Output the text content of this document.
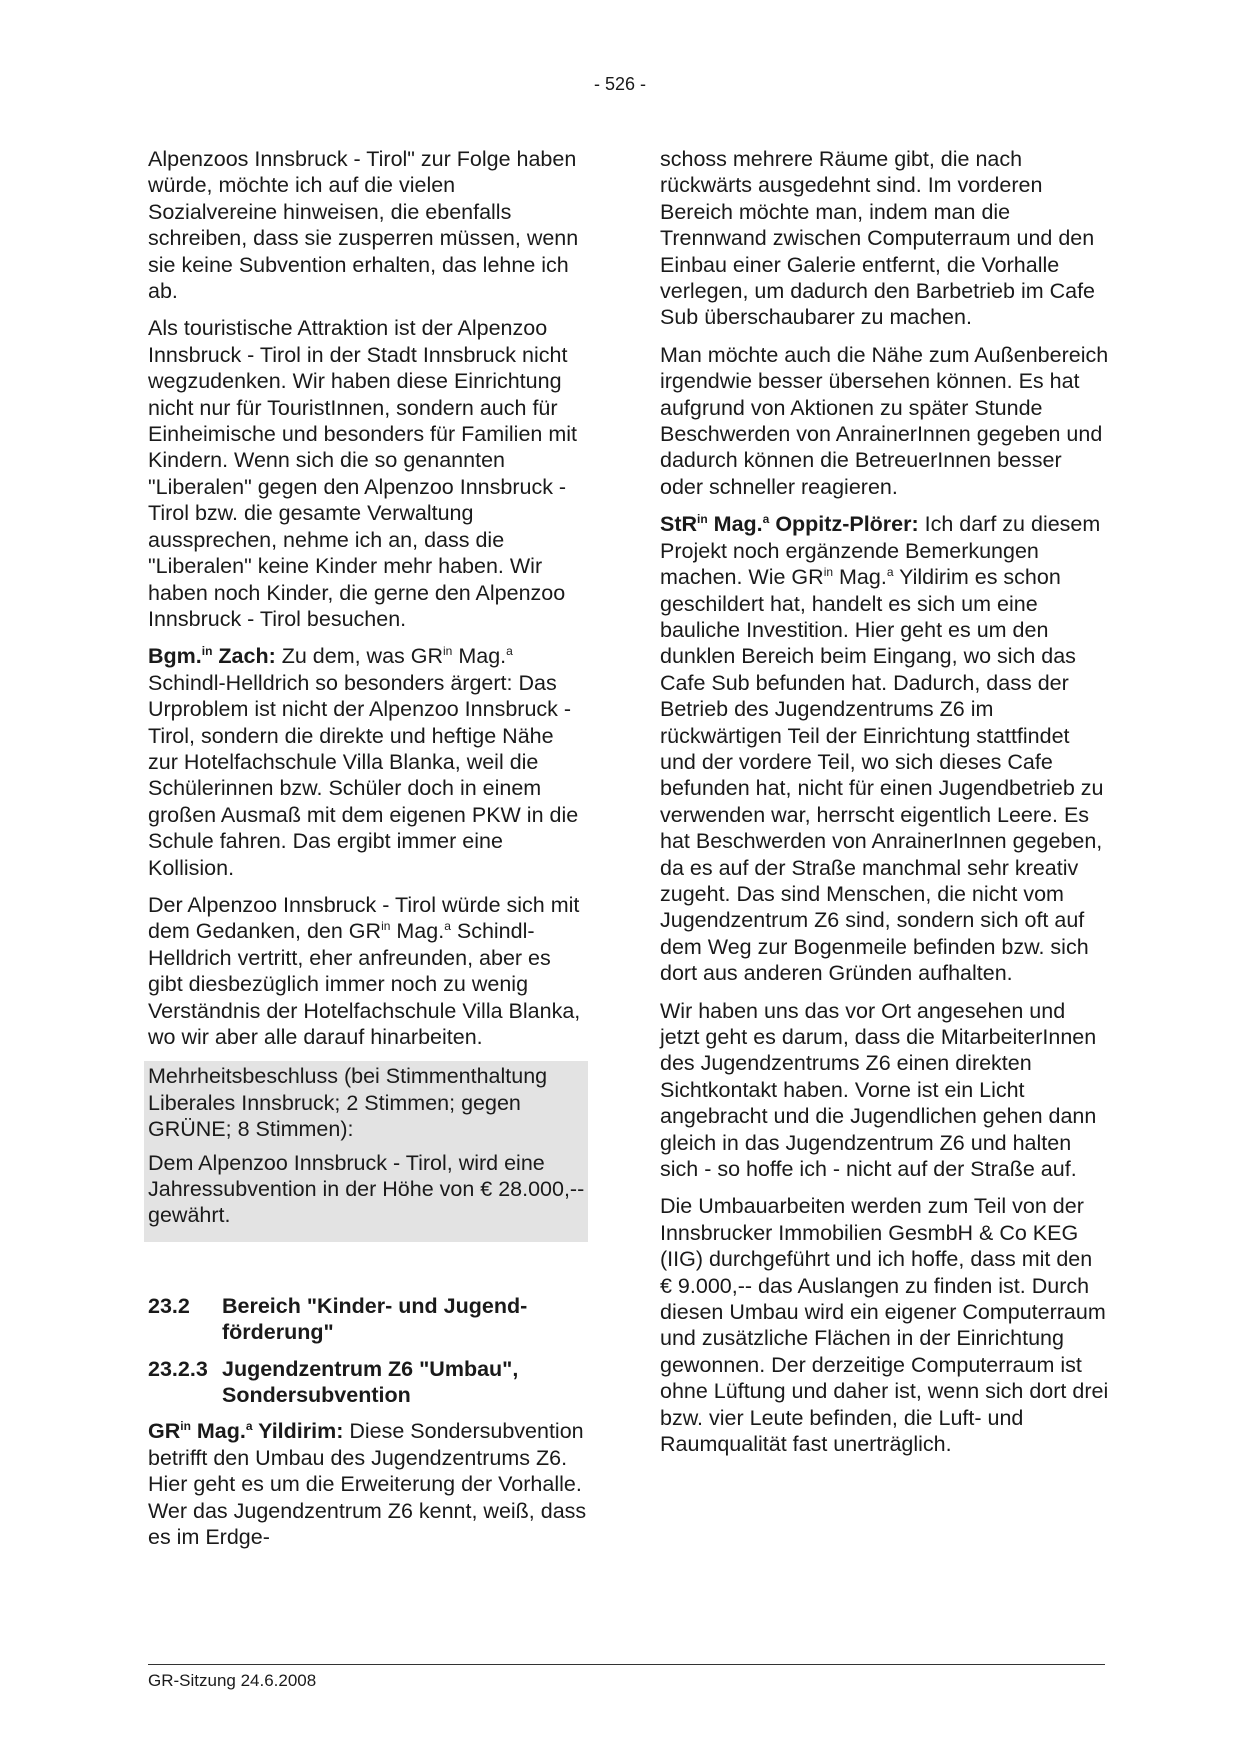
- 526 -

Alpenzoos Innsbruck - Tirol" zur Folge haben würde, möchte ich auf die vielen Sozialvereine hinweisen, die ebenfalls schreiben, dass sie zusperren müssen, wenn sie keine Subvention erhalten, das lehne ich ab.

Als touristische Attraktion ist der Alpenzoo Innsbruck - Tirol in der Stadt Innsbruck nicht wegzudenken. Wir haben diese Einrichtung nicht nur für TouristInnen, sondern auch für Einheimische und besonders für Familien mit Kindern. Wenn sich die so genannten "Liberalen" gegen den Alpenzoo Innsbruck -Tirol bzw. die gesamte Verwaltung aussprechen, nehme ich an, dass die "Liberalen" keine Kinder mehr haben. Wir haben noch Kinder, die gerne den Alpenzoo Innsbruck - Tirol besuchen.

Bgm.$^{in}$ Zach: Zu dem, was $GR^{in}$ Mag.$^a$ Schindl-Helldrich so besonders ärgert: Das Urproblem ist nicht der Alpenzoo Innsbruck - Tirol, sondern die direkte und heftige Nähe zur Hotelfachschule Villa Blanka, weil die Schülerinnen bzw. Schüler doch in einem großen Ausmaß mit dem eigenen PKW in die Schule fahren. Das ergibt immer eine Kollision.

Der Alpenzoo Innsbruck - Tirol würde sich mit dem Gedanken, den $GR^{in}$ Mag.$^a$ Schindl-Helldrich vertritt, eher anfreunden, aber es gibt diesbezüglich immer noch zu wenig Verständnis der Hotelfachschule Villa Blanka, wo wir aber alle darauf hinarbeiten.

Mehrheitsbeschluss (bei Stimmenthaltung Liberales Innsbruck; 2 Stimmen; gegen GRÜNE; 8 Stimmen):

Dem Alpenzoo Innsbruck - Tirol, wird eine Jahressubvention in der Höhe von € 28.000,-- gewährt.

23.2	Bereich "Kinder- und Jugendförderung"
23.2.3 Jugendzentrum Z6 "Umbau", Sondersubvention

$GR^{in}$ Mag.$^a$ Yildirim: Diese Sondersubvention betrifft den Umbau des Jugendzentrums Z6. Hier geht es um die Erweiterung der Vorhalle. Wer das Jugendzentrum Z6 kennt, weiß, dass es im Erdge-

schoss mehrere Räume gibt, die nach rückwärts ausgedehnt sind. Im vorderen Bereich möchte man, indem man die Trennwand zwischen Computerraum und den Einbau einer Galerie entfernt, die Vorhalle verlegen, um dadurch den Barbetrieb im Cafe Sub überschaubarer zu machen.

Man möchte auch die Nähe zum Außenbereich irgendwie besser übersehen können. Es hat aufgrund von Aktionen zu später Stunde Beschwerden von AnrainerInnen gegeben und dadurch können die BetreuerInnen besser oder schneller reagieren.

StR$^{in}$ Mag.$^a$ Oppitz-Plörer: Ich darf zu diesem Projekt noch ergänzende Bemerkungen machen. Wie $GR^{in}$ Mag.$^a$ Yildirim es schon geschildert hat, handelt es sich um eine bauliche Investition. Hier geht es um den dunklen Bereich beim Eingang, wo sich das Cafe Sub befunden hat. Dadurch, dass der Betrieb des Jugendzentrums Z6 im rückwärtigen Teil der Einrichtung stattfindet und der vordere Teil, wo sich dieses Cafe befunden hat, nicht für einen Jugendbetrieb zu verwenden war, herrscht eigentlich Leere. Es hat Beschwerden von AnrainerInnen gegeben, da es auf der Straße manchmal sehr kreativ zugeht. Das sind Menschen, die nicht vom Jugendzentrum Z6 sind, sondern sich oft auf dem Weg zur Bogenmeile befinden bzw. sich dort aus anderen Gründen aufhalten.

Wir haben uns das vor Ort angesehen und jetzt geht es darum, dass die MitarbeiterInnen des Jugendzentrums Z6 einen direkten Sichtkontakt haben. Vorne ist ein Licht angebracht und die Jugendlichen gehen dann gleich in das Jugendzentrum Z6 und halten sich - so hoffe ich - nicht auf der Straße auf.

Die Umbauarbeiten werden zum Teil von der Innsbrucker Immobilien GesmbH & Co KEG (IIG) durchgeführt und ich hoffe, dass mit den € 9.000,-- das Auslangen zu finden ist. Durch diesen Umbau wird ein eigener Computerraum und zusätzliche Flächen in der Einrichtung gewonnen. Der derzeitige Computerraum ist ohne Lüftung und daher ist, wenn sich dort drei bzw. vier Leute befinden, die Luft- und Raumqualität fast unerträglich.

GR-Sitzung 24.6.2008
